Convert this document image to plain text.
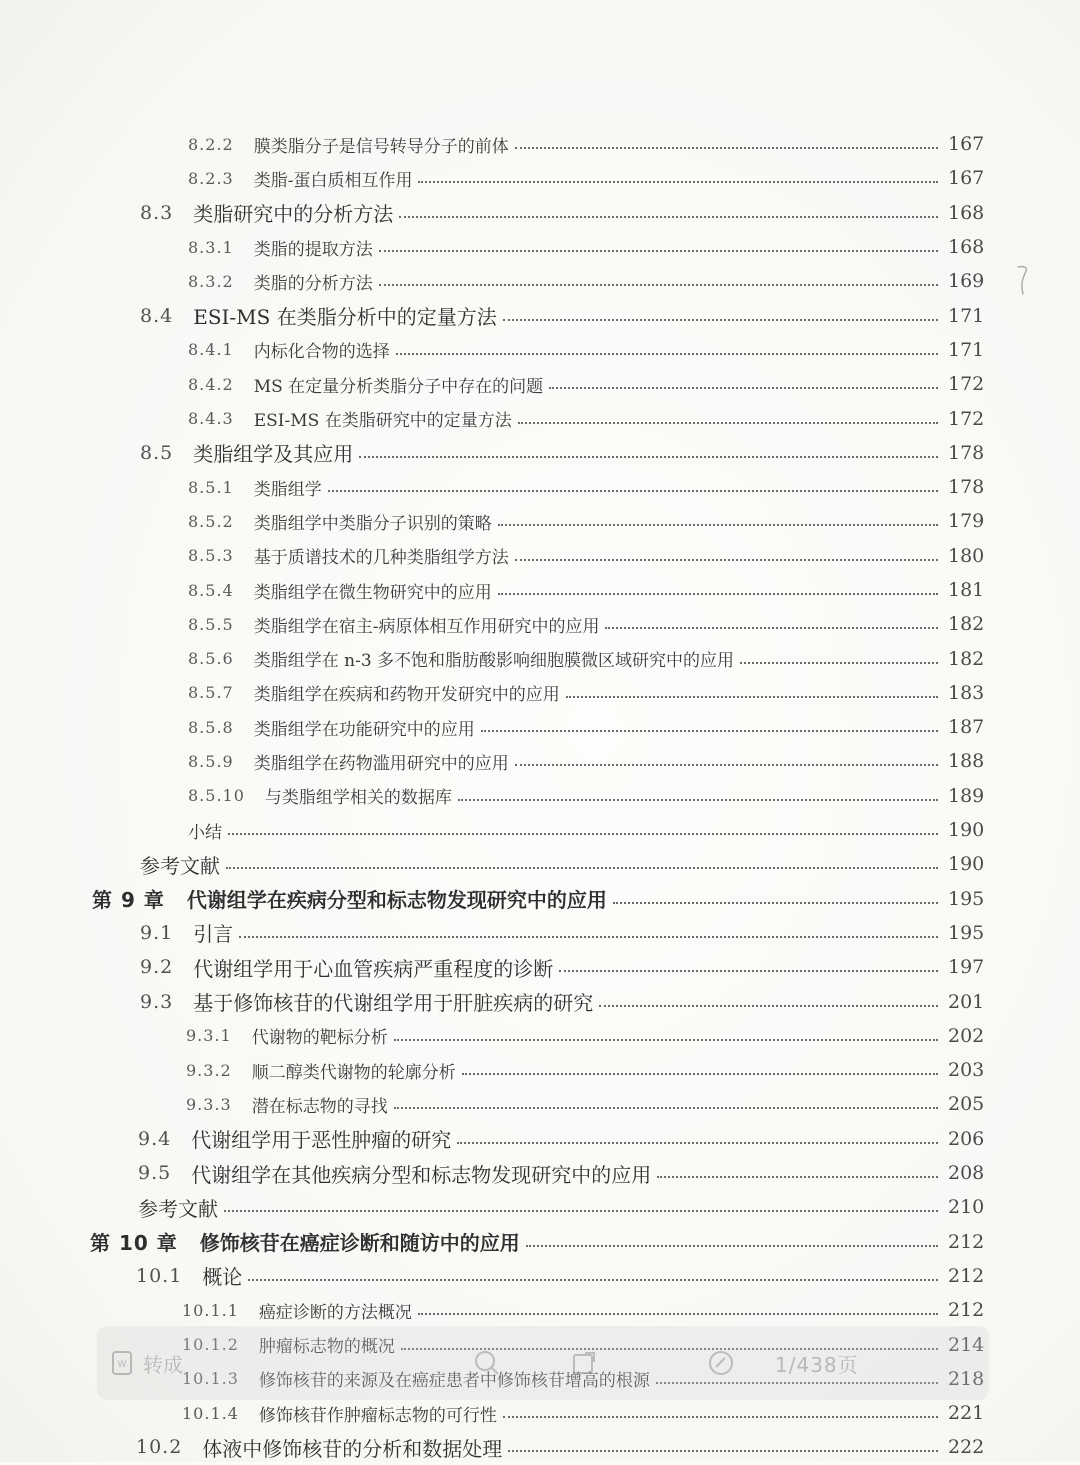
8.2.2 膜类脂分子是信号转导分子的前体	167
8.2.3 类脂-蛋白质相互作用	167
8.3 类脂研究中的分析方法	168
8.3.1 类脂的提取方法	168
8.3.2 类脂的分析方法	169
8.4 ESI-MS 在类脂分析中的定量方法	171
8.4.1 内标化合物的选择	171
8.4.2 MS 在定量分析类脂分子中存在的问题	172
8.4.3 ESI-MS 在类脂研究中的定量方法	172
8.5 类脂组学及其应用	178
8.5.1 类脂组学	178
8.5.2 类脂组学中类脂分子识别的策略	179
8.5.3 基于质谱技术的几种类脂组学方法	180
8.5.4 类脂组学在微生物研究中的应用	181
8.5.5 类脂组学在宿主-病原体相互作用研究中的应用	182
8.5.6 类脂组学在 n-3 多不饱和脂肪酸影响细胞膜微区域研究中的应用	182
8.5.7 类脂组学在疾病和药物开发研究中的应用	183
8.5.8 类脂组学在功能研究中的应用	187
8.5.9 类脂组学在药物滥用研究中的应用	188
8.5.10 与类脂组学相关的数据库	189
小结	190
参考文献	190
第 9 章 代谢组学在疾病分型和标志物发现研究中的应用	195
9.1 引言	195
9.2 代谢组学用于心血管疾病严重程度的诊断	197
9.3 基于修饰核苷的代谢组学用于肝脏疾病的研究	201
9.3.1 代谢物的靶标分析	202
9.3.2 顺二醇类代谢物的轮廓分析	203
9.3.3 潜在标志物的寻找	205
9.4 代谢组学用于恶性肿瘤的研究	206
9.5 代谢组学在其他疾病分型和标志物发现研究中的应用	208
参考文献	210
第 10 章 修饰核苷在癌症诊断和随访中的应用	212
10.1 概论	212
10.1.1 癌症诊断的方法概况	212
10.1.2 肿瘤标志物的概况	214
10.1.3 修饰核苷的来源及在癌症患者中修饰核苷增高的根源	218
10.1.4 修饰核苷作肿瘤标志物的可行性	221
10.2 体液中修饰核苷的分析和数据处理	222
W 转成	1/438页
